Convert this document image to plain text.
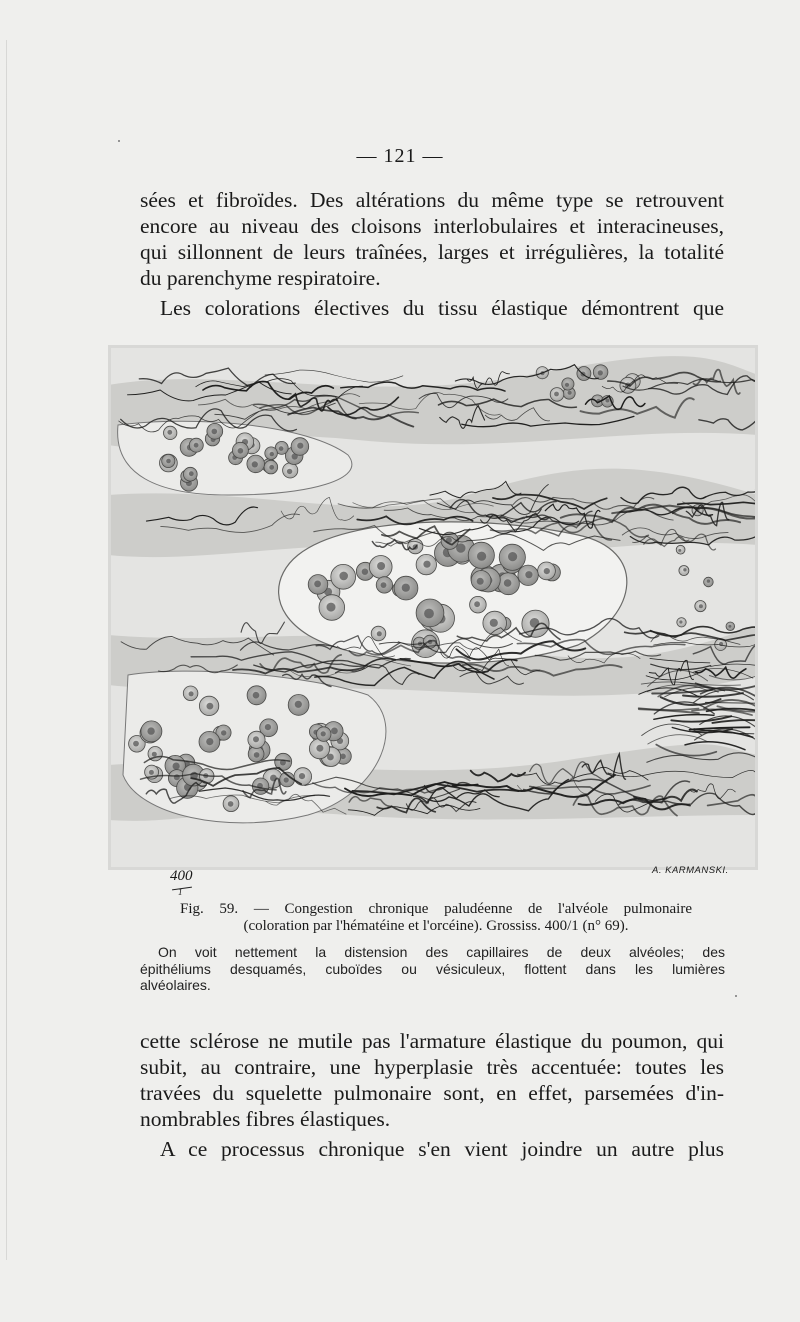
— 121 —

sées et fibroïdes. Des altérations du même type se retrouvent
encore au niveau des cloisons interlobulaires et interacineuses,
qui sillonnent de leurs traînées, larges et irrégulières, la totalité
du parenchyme respiratoire.

Les colorations électives du tissu élastique démontrent que

400
1
A. KARMANSKI.
Fig. 59. — Congestion chronique paludéenne de l'alvéole pulmonaire
(coloration par l'hématéine et l'orcéine). Grossiss. 400/1 (n° 69).
On voit nettement la distension des capillaires de deux alvéoles; des
épithéliums desquamés, cuboïdes ou vésiculeux, flottent dans les lumières
alvéolaires.

cette sclérose ne mutile pas l'armature élastique du poumon, qui
subit, au contraire, une hyperplasie très accentuée: toutes les
travées du squelette pulmonaire sont, en effet, parsemées d'in-
nombrables fibres élastiques.

A ce processus chronique s'en vient joindre un autre plus
